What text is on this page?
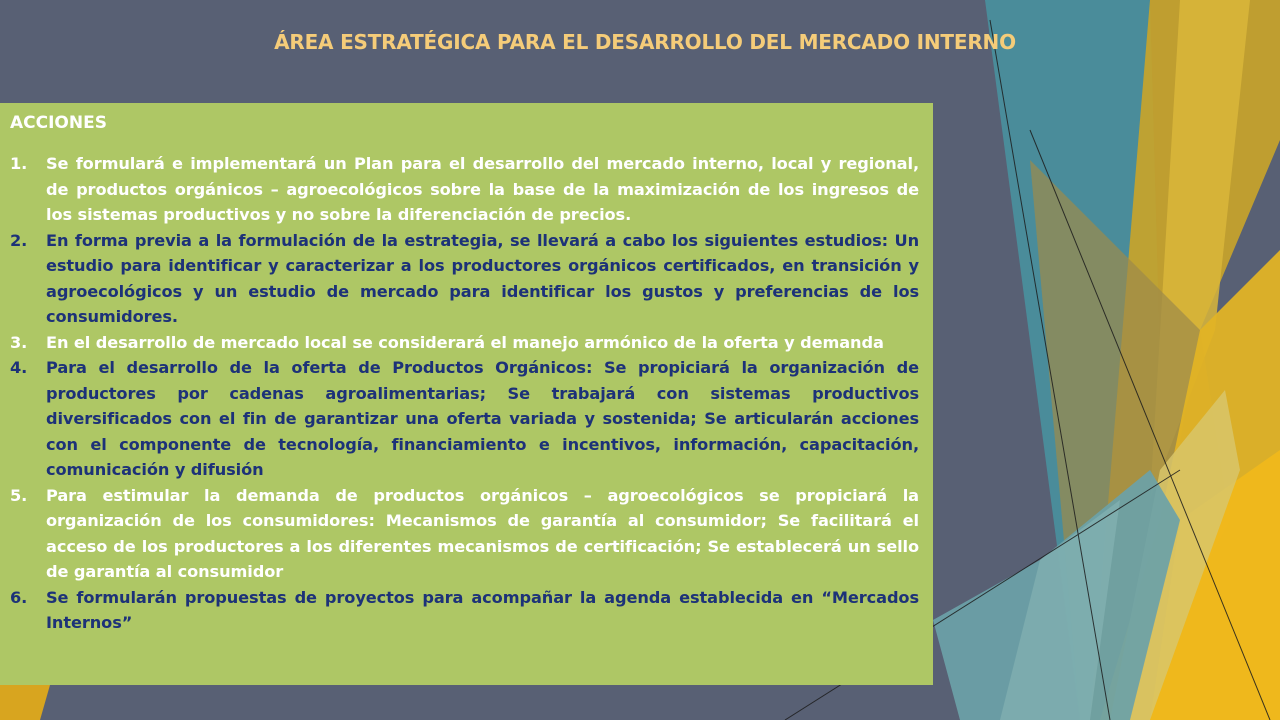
ÁREA ESTRATÉGICA PARA EL DESARROLLO DEL MERCADO INTERNO
ACCIONES
1. Se formulará e implementará un Plan para el desarrollo del mercado interno, local y regional, de productos orgánicos – agroecológicos sobre la base de la maximización de los ingresos de los sistemas productivos y no sobre la diferenciación de precios.
2. En forma previa a la formulación de la estrategia, se llevará a cabo los siguientes estudios: Un estudio para identificar y caracterizar a los productores orgánicos certificados, en transición y agroecológicos y un estudio de mercado para identificar los gustos y preferencias de los consumidores.
3. En el desarrollo de mercado local se considerará el manejo armónico de la oferta y demanda
4. Para el desarrollo de la oferta de Productos Orgánicos: Se propiciará la organización de productores por cadenas agroalimentarias; Se trabajará con sistemas productivos diversificados con el fin de garantizar una oferta variada y sostenida; Se articularán acciones con el componente de tecnología, financiamiento e incentivos, información, capacitación, comunicación y difusión
5. Para estimular la demanda de productos orgánicos – agroecológicos se propiciará la organización de los consumidores: Mecanismos de garantía al consumidor; Se facilitará el acceso de los productores a los diferentes mecanismos de certificación; Se establecerá un sello de garantía al consumidor
6. Se formularán propuestas de proyectos para acompañar la agenda establecida en “Mercados Internos”
